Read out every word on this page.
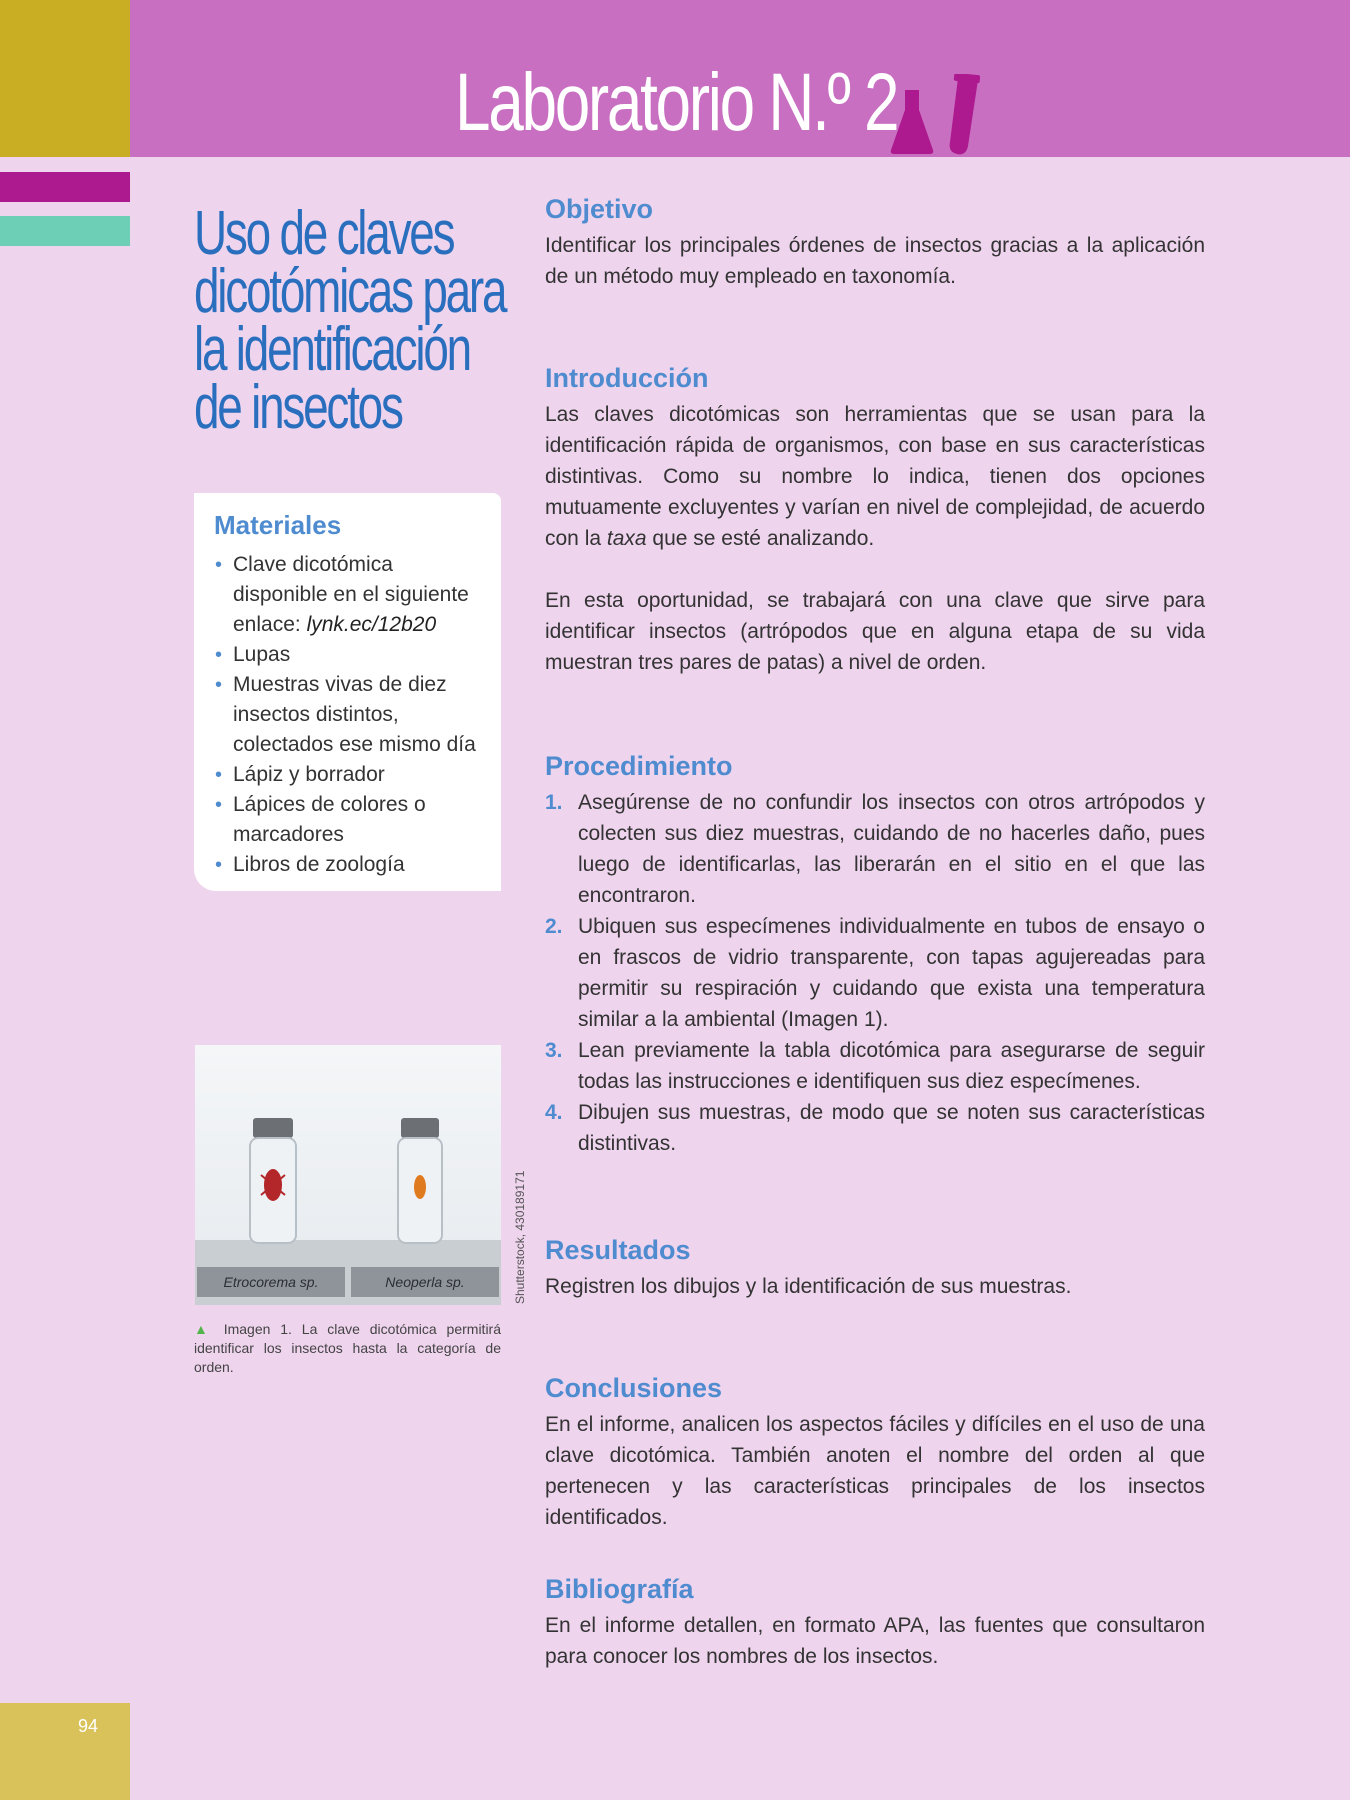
94
Laboratorio N.º 2
Uso de claves dicotómicas para la identificación de insectos
Materiales
• Clave dicotómica disponible en el siguiente enlace: lynk.ec/12b20
• Lupas
• Muestras vivas de diez insectos distintos, colectados ese mismo día
• Lápiz y borrador
• Lápices de colores o marcadores
• Libros de zoología
Etrocorema sp.	Neoperla sp.	Shutterstock, 430189171
▲ Imagen 1. La clave dicotómica permitirá identificar los insectos hasta la categoría de orden.
Objetivo

Identificar los principales órdenes de insectos gracias a la aplicación de un método muy empleado en taxonomía.

Introducción

Las claves dicotómicas son herramientas que se usan para la identificación rápida de organismos, con base en sus características distintivas. Como su nombre lo indica, tienen dos opciones mutuamente excluyentes y varían en nivel de complejidad, de acuerdo con la taxa que se esté analizando.

En esta oportunidad, se trabajará con una clave que sirve para identificar insectos (artrópodos que en alguna etapa de su vida muestran tres pares de patas) a nivel de orden.

Procedimiento
1. Asegúrense de no confundir los insectos con otros artrópodos y colecten sus diez muestras, cuidando de no hacerles daño, pues luego de identificarlas, las liberarán en el sitio en el que las encontraron.
2. Ubiquen sus especímenes individualmente en tubos de ensayo o en frascos de vidrio transparente, con tapas agujereadas para permitir su respiración y cuidando que exista una temperatura similar a la ambiental (Imagen 1).
3. Lean previamente la tabla dicotómica para asegurarse de seguir todas las instrucciones e identifiquen sus diez especímenes.
4. Dibujen sus muestras, de modo que se noten sus características distintivas.
Resultados

Registren los dibujos y la identificación de sus muestras.

Conclusiones

En el informe, analicen los aspectos fáciles y difíciles en el uso de una clave dicotómica. También anoten el nombre del orden al que pertenecen y las características principales de los insectos identificados.

Bibliografía

En el informe detallen, en formato APA, las fuentes que consultaron para conocer los nombres de los insectos.
